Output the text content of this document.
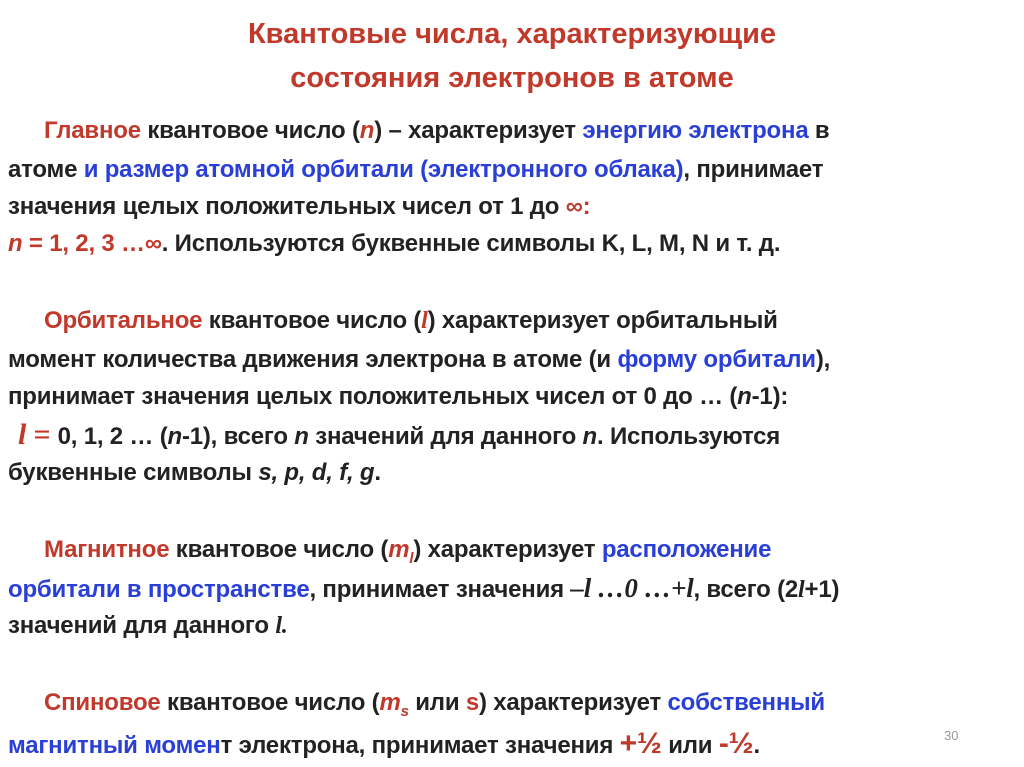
Квантовые числа, характеризующие
состояния электронов в атоме
Главное квантовое число (n) – характеризует энергию электрона в
атоме и размер атомной орбитали (электронного облака), принимает
значения целых положительных чисел от 1 до ∞:
n = 1, 2, 3 …∞. Используются буквенные символы K, L, M, N и т. д.
Орбитальное квантовое число (l) характеризует орбитальный
момент количества движения электрона в атоме (и форму орбитали),
принимает значения целых положительных чисел от 0 до … (n-1):
l = 0, 1, 2 … (n-1), всего n значений для данного n. Используются
буквенные символы s, p, d, f, g.
Магнитное квантовое число $(m_l)$ характеризует расположение
орбитали в пространстве, принимает значения –l …0 …+l, всего (2l+1)
значений для данного l.
Спиновое квантовое число ($m_s$ или s) характеризует собственный
магнитный момент электрона, принимает значения +½ или -½.	30
